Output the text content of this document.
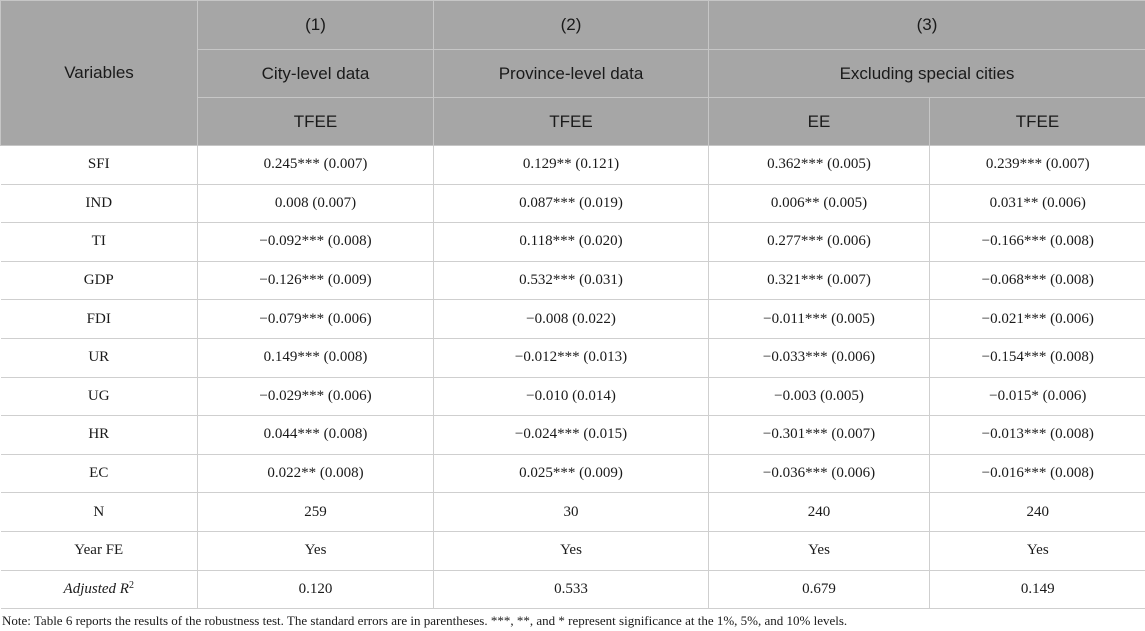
Variables	(1)	(2)	(3)	
	City-level data	Province-level data	Excluding special cities	
	TFEE	TFEE	EE	TFEE
SFI	0.245*** (0.007)	0.129** (0.121)	0.362*** (0.005)	0.239*** (0.007)
IND	0.008 (0.007)	0.087*** (0.019)	0.006** (0.005)	0.031** (0.006)
TI	−0.092*** (0.008)	0.118*** (0.020)	0.277*** (0.006)	−0.166*** (0.008)
GDP	−0.126*** (0.009)	0.532*** (0.031)	0.321*** (0.007)	−0.068*** (0.008)
FDI	−0.079*** (0.006)	−0.008 (0.022)	−0.011*** (0.005)	−0.021*** (0.006)
UR	0.149*** (0.008)	−0.012*** (0.013)	−0.033*** (0.006)	−0.154*** (0.008)
UG	−0.029*** (0.006)	−0.010 (0.014)	−0.003 (0.005)	−0.015* (0.006)
HR	0.044*** (0.008)	−0.024*** (0.015)	−0.301*** (0.007)	−0.013*** (0.008)
EC	0.022** (0.008)	0.025*** (0.009)	−0.036*** (0.006)	−0.016*** (0.008)
N	259	30	240	240
Year FE	Yes	Yes	Yes	Yes
Adjusted $R^2$	0.120	0.533	0.679	0.149
Note: Table 6 reports the results of the robustness test. The standard errors are in parentheses. ***, **, and * represent significance at the 1%, 5%, and 10% levels.
